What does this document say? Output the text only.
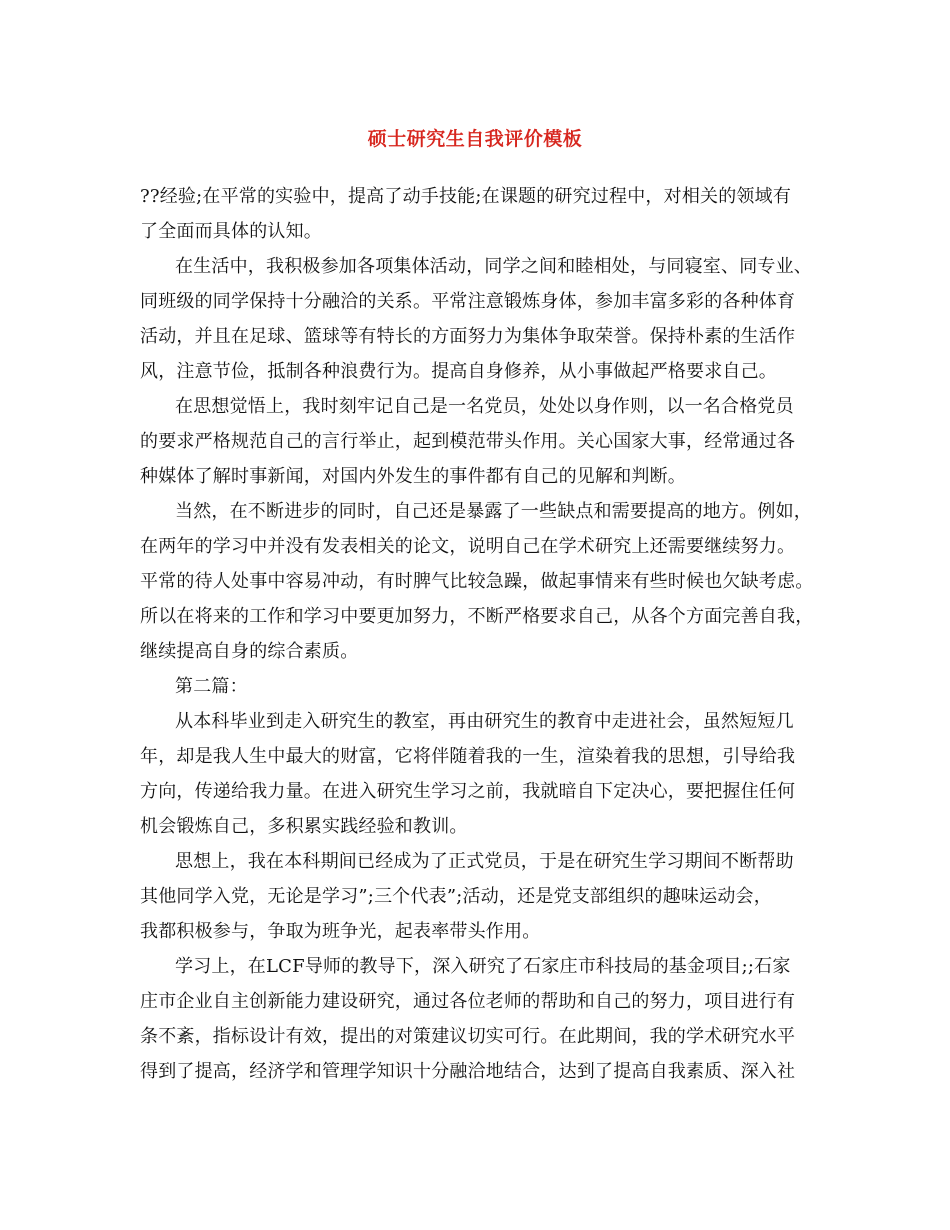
硕士研究生自我评价模板
??经验;在平常的实验中，提高了动手技能;在课题的研究过程中，对相关的领域有
了全面而具体的认知。
在生活中，我积极参加各项集体活动，同学之间和睦相处，与同寝室、同专业、
同班级的同学保持十分融洽的关系。平常注意锻炼身体，参加丰富多彩的各种体育
活动，并且在足球、篮球等有特长的方面努力为集体争取荣誉。保持朴素的生活作
风，注意节俭，抵制各种浪费行为。提高自身修养，从小事做起严格要求自己。
在思想觉悟上，我时刻牢记自己是一名党员，处处以身作则，以一名合格党员
的要求严格规范自己的言行举止，起到模范带头作用。关心国家大事，经常通过各
种媒体了解时事新闻，对国内外发生的事件都有自己的见解和判断。
当然，在不断进步的同时，自己还是暴露了一些缺点和需要提高的地方。例如，
在两年的学习中并没有发表相关的论文，说明自己在学术研究上还需要继续努力。
平常的待人处事中容易冲动，有时脾气比较急躁，做起事情来有些时候也欠缺考虑。
所以在将来的工作和学习中要更加努力，不断严格要求自己，从各个方面完善自我，
继续提高自身的综合素质。
第二篇：
从本科毕业到走入研究生的教室，再由研究生的教育中走进社会，虽然短短几
年，却是我人生中最大的财富，它将伴随着我的一生，渲染着我的思想，引导给我
方向，传递给我力量。在进入研究生学习之前，我就暗自下定决心，要把握住任何
机会锻炼自己，多积累实践经验和教训。
思想上，我在本科期间已经成为了正式党员，于是在研究生学习期间不断帮助
其他同学入党，无论是学习”;三个代表”;活动，还是党支部组织的趣味运动会，
我都积极参与，争取为班争光，起表率带头作用。
学习上，在LCF导师的教导下，深入研究了石家庄市科技局的基金项目;;石家
庄市企业自主创新能力建设研究，通过各位老师的帮助和自己的努力，项目进行有
条不紊，指标设计有效，提出的对策建议切实可行。在此期间，我的学术研究水平
得到了提高，经济学和管理学知识十分融洽地结合，达到了提高自我素质、深入社
